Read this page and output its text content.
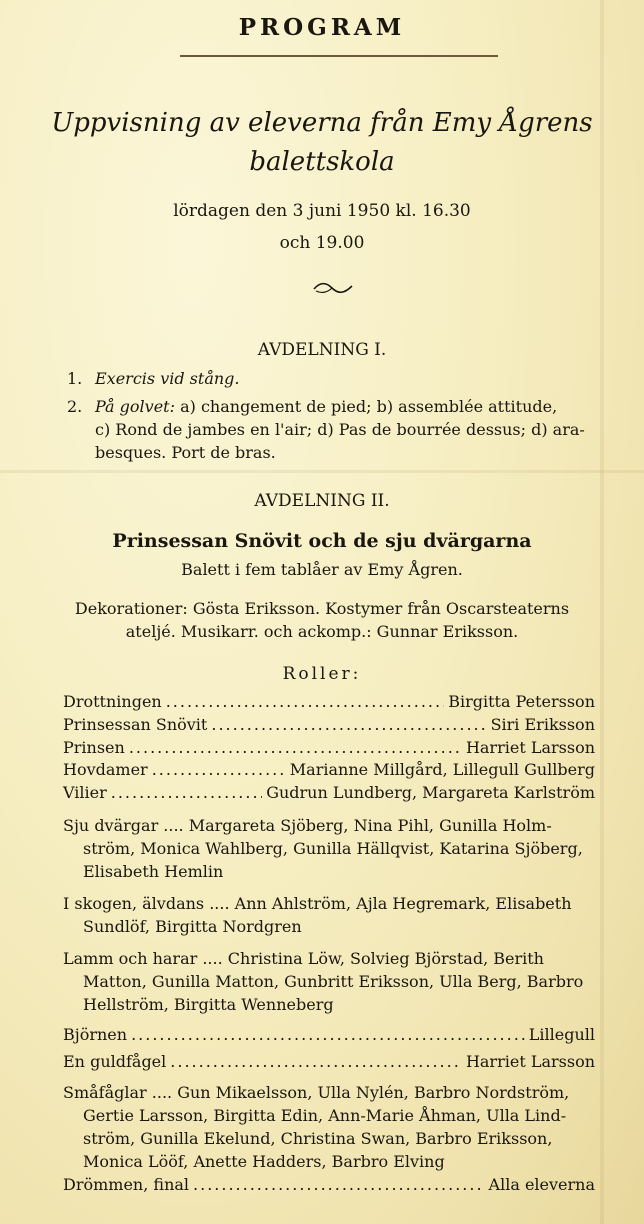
PROGRAM
Uppvisning av eleverna från Emy Ågrens
balettskola
lördagen den 3 juni 1950 kl. 16.30
och 19.00
AVDELNING I.
1. Exercis vid stång.
2. På golvet: a) changement de pied; b) assemblée attitude,
c) Rond de jambes en l'air; d) Pas de bourrée dessus; d) ara-
besques. Port de bras.
AVDELNING II.
Prinsessan Snövit och de sju dvärgarna
Balett i fem tablåer av Emy Ågren.
Dekorationer: Gösta Eriksson. Kostymer från Oscarsteaterns
ateljé. Musikarr. och ackomp.: Gunnar Eriksson.
Roller:
Drottningen .....	Birgitta Petersson
Prinsessan Snövit .....	Siri Eriksson
Prinsen .....	Harriet Larsson
Hovdamer .....	Marianne Millgård, Lillegull Gullberg
Vilier .....	Gudrun Lundberg, Margareta Karlström
Sju dvärgar .... Margareta Sjöberg, Nina Pihl, Gunilla Holm-
ström, Monica Wahlberg, Gunilla Hällqvist, Katarina Sjöberg,
Elisabeth Hemlin
I skogen, älvdans .... Ann Ahlström, Ajla Hegremark, Elisabeth
Sundlöf, Birgitta Nordgren
Lamm och harar .... Christina Löw, Solvieg Björstad, Berith
Matton, Gunilla Matton, Gunbritt Eriksson, Ulla Berg, Barbro
Hellström, Birgitta Wenneberg
Björnen .....	Lillegull
En guldfågel .....	Harriet Larsson
Småfåglar .... Gun Mikaelsson, Ulla Nylén, Barbro Nordström,
Gertie Larsson, Birgitta Edin, Ann-Marie Åhman, Ulla Lind-
ström, Gunilla Ekelund, Christina Swan, Barbro Eriksson,
Monica Lööf, Anette Hadders, Barbro Elving
Drömmen, final .....	Alla eleverna
